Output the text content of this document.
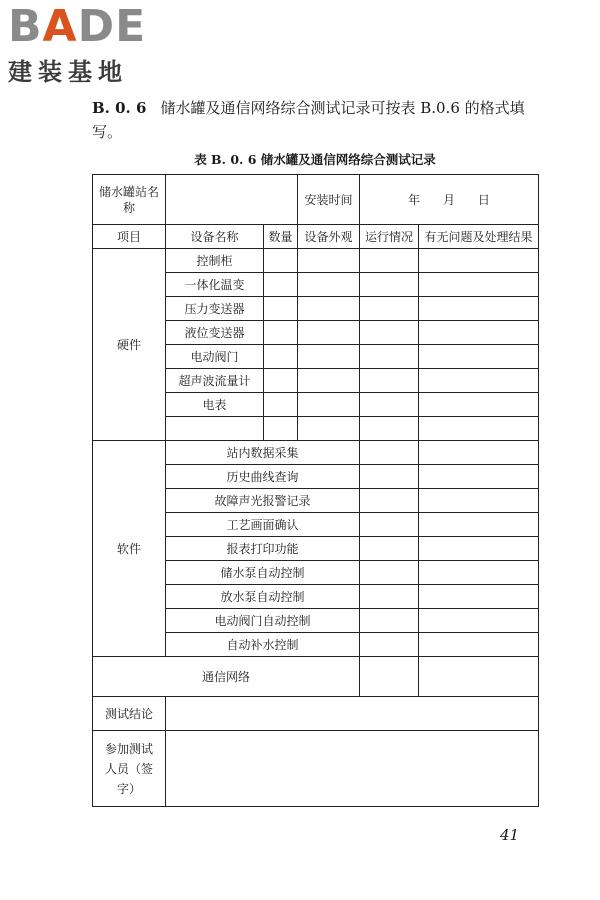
BADE
建装基地
B. 0. 6 储水罐及通信网络综合测试记录可按表 B.0.6 的格式填写。
表 B. 0. 6 储水罐及通信网络综合测试记录
储水罐站名称			安装时间	年      月      日	
项目	设备名称	数量	设备外观	运行情况	有无问题及处理结果
硬件	控制柜				
	一体化温变				
	压力变送器				
	液位变送器				
	电动阀门				
	超声波流量计				
	电表				

软件	站内数据采集				
	历史曲线查询				
	故障声光报警记录				
	工艺画面确认				
	报表打印功能				
	储水泵自动控制				
	放水泵自动控制				
	电动阀门自动控制				
	自动补水控制				
通信网络					
测试结论					
参加测试人员（签字）					
41
